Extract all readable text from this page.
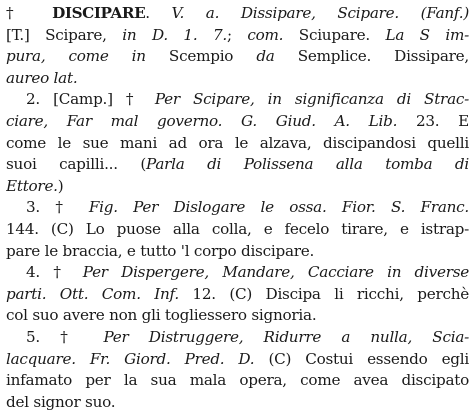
† DISCIPARE. V. a. Dissipare, Scipare. (Fanf.)
[T.] Scipare, in D. 1. 7.; com. Sciupare. La S im-
pura, come in Scempio da Semplice. Dissipare,
aureo lat.
2. [Camp.] † Per Scipare, in significanza di Strac-
ciare, Far mal governo. G. Giud. A. Lib. 23. E
come le sue mani ad ora le alzava, discipandosi quelli
suoi capilli... (Parla di Polissena alla tomba di
Ettore.)
3. † Fig. Per Dislogare le ossa. Fior. S. Franc.
144. (C) Lo puose alla colla, e fecelo tirare, e istrap-
pare le braccia, e tutto 'l corpo discipare.
4. † Per Dispergere, Mandare, Cacciare in diverse
parti. Ott. Com. Inf. 12. (C) Discipa li ricchi, perchè
col suo avere non gli togliessero signoria.
5. † Per Distruggere, Ridurre a nulla, Scia-
lacquare. Fr. Giord. Pred. D. (C) Costui essendo egli
infamato per la sua mala opera, come avea discipato
del signor suo.
